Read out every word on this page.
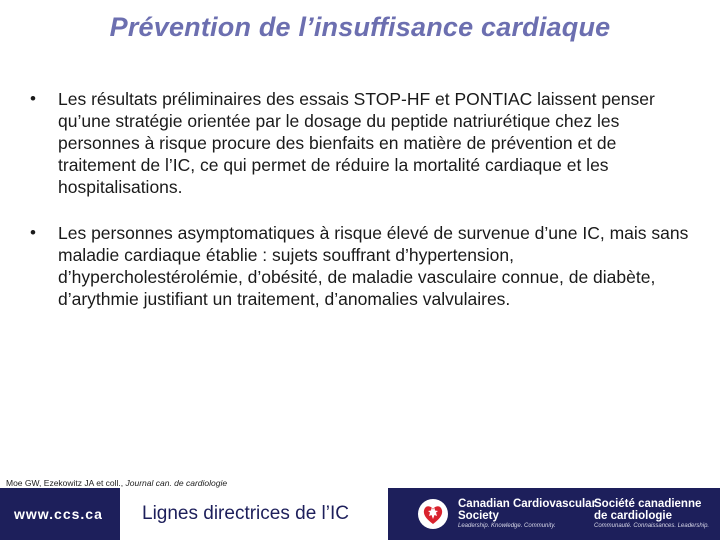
Prévention de l’insuffisance cardiaque
• Les résultats préliminaires des essais STOP-HF et PONTIAC laissent penser qu’une stratégie orientée par le dosage du peptide natriurétique chez les personnes à risque procure des bienfaits en matière de prévention et de traitement de l’IC, ce qui permet de réduire la mortalité cardiaque et les hospitalisations.
• Les personnes asymptomatiques à risque élevé de survenue d’une IC, mais sans maladie cardiaque établie : sujets souffrant d’hypertension, d’hypercholestérolémie, d’obésité, de maladie vasculaire connue, de diabète, d’arythmie justifiant un traitement, d’anomalies valvulaires.
Moe GW, Ezekowitz JA et coll., Journal can. de cardiologie
www.ccs.ca Lignes directrices de l’IC	Canadian Cardiovascular
Society
Leadership. Knowledge. Community.
Société canadienne
de cardiologie
Communauté. Connaissances. Leadership.
